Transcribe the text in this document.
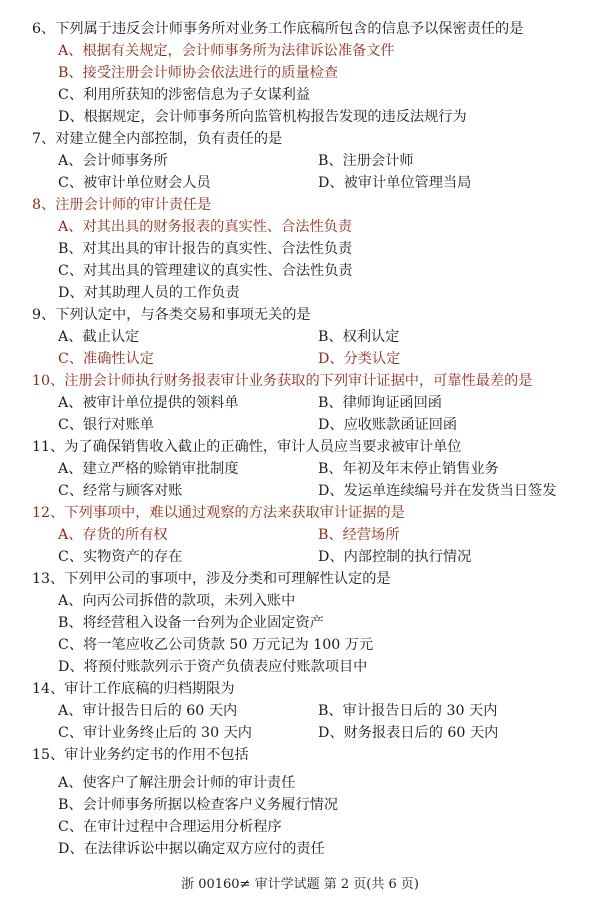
6、下列属于违反会计师事务所对业务工作底稿所包含的信息予以保密责任的是
A、根据有关规定，会计师事务所为法律诉讼准备文件
B、接受注册会计师协会依法进行的质量检查
C、利用所获知的涉密信息为子女谋利益
D、根据规定，会计师事务所向监管机构报告发现的违反法规行为
7、对建立健全内部控制，负有责任的是
A、会计师事务所	B、注册会计师
C、被审计单位财会人员	D、被审计单位管理当局
8、注册会计师的审计责任是
A、对其出具的财务报表的真实性、合法性负责
B、对其出具的审计报告的真实性、合法性负责
C、对其出具的管理建议的真实性、合法性负责
D、对其助理人员的工作负责
9、下列认定中，与各类交易和事项无关的是
A、截止认定	B、权利认定
C、准确性认定	D、分类认定
10、注册会计师执行财务报表审计业务获取的下列审计证据中，可靠性最差的是
A、被审计单位提供的领料单	B、律师询证函回函
C、银行对账单	D、应收账款函证回函
11、为了确保销售收入截止的正确性，审计人员应当要求被审计单位
A、建立严格的赊销审批制度	B、年初及年末停止销售业务
C、经常与顾客对账	D、发运单连续编号并在发货当日签发
12、下列事项中，难以通过观察的方法来获取审计证据的是
A、存货的所有权	B、经营场所
C、实物资产的存在	D、内部控制的执行情况
13、下列甲公司的事项中，涉及分类和可理解性认定的是
A、向丙公司拆借的款项，未列入账中
B、将经营租入设备一台列为企业固定资产
C、将一笔应收乙公司货款 50 万元记为 100 万元
D、将预付账款列示于资产负债表应付账款项目中
14、审计工作底稿的归档期限为
A、审计报告日后的 60 天内	B、审计报告日后的 30 天内
C、审计业务终止后的 30 天内	D、财务报表日后的 60 天内
15、审计业务约定书的作用不包括
A、使客户了解注册会计师的审计责任
B、会计师事务所据以检查客户义务履行情况
C、在审计过程中合理运用分析程序
D、在法律诉讼中据以确定双方应付的责任
浙 00160≠ 审计学试题 第 2 页(共 6 页)
